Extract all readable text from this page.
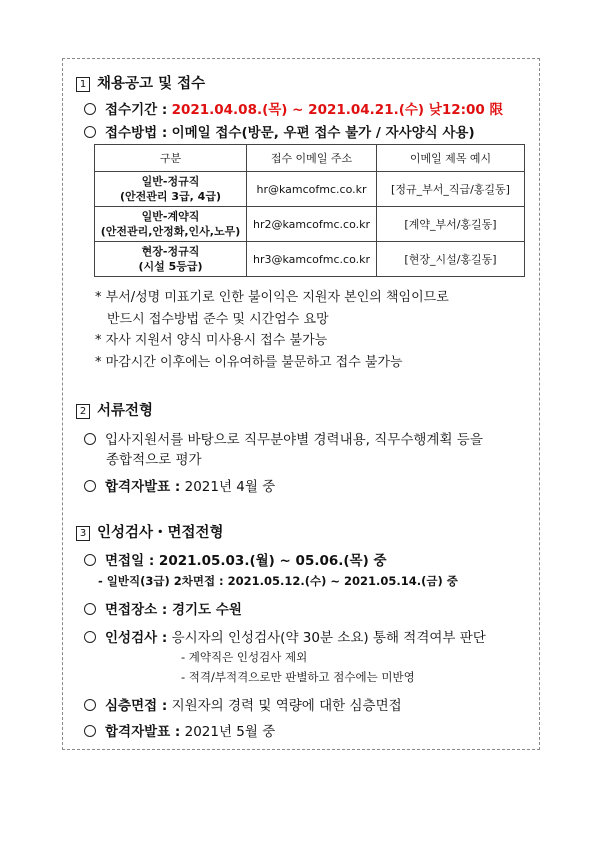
1 채용공고 및 접수
접수기간 : 2021.04.08.(목) ~ 2021.04.21.(수) 낮12:00 限
접수방법 : 이메일 접수(방문, 우편 접수 불가 / 자사양식 사용)
구분	접수 이메일 주소	이메일 제목 예시
일반-정규직
(안전관리 3급, 4급)	hr@kamcofmc.co.kr	[정규_부서_직급/홍길동]
일반-계약직
(안전관리,안정화,인사,노무)	hr2@kamcofmc.co.kr	[계약_부서/홍길동]
현장-정규직
(시설 5등급)	hr3@kamcofmc.co.kr	[현장_시설/홍길동]
* 부서/성명 미표기로 인한 불이익은 지원자 본인의 책임이므로
반드시 접수방법 준수 및 시간엄수 요망
* 자사 지원서 양식 미사용시 접수 불가능
* 마감시간 이후에는 이유여하를 불문하고 접수 불가능
2 서류전형
입사지원서를 바탕으로 직무분야별 경력내용, 직무수행계획 등을
종합적으로 평가
합격자발표 : 2021년 4월 중
3 인성검사・면접전형
면접일 : 2021.05.03.(월) ~ 05.06.(목) 중
- 일반직(3급) 2차면접 : 2021.05.12.(수) ~ 2021.05.14.(금) 중
면접장소 : 경기도 수원
인성검사 : 응시자의 인성검사(약 30분 소요) 통해 적격여부 판단
- 계약직은 인성검사 제외
- 적격/부적격으로만 판별하고 점수에는 미반영
심층면접 : 지원자의 경력 및 역량에 대한 심층면접
합격자발표 : 2021년 5월 중
